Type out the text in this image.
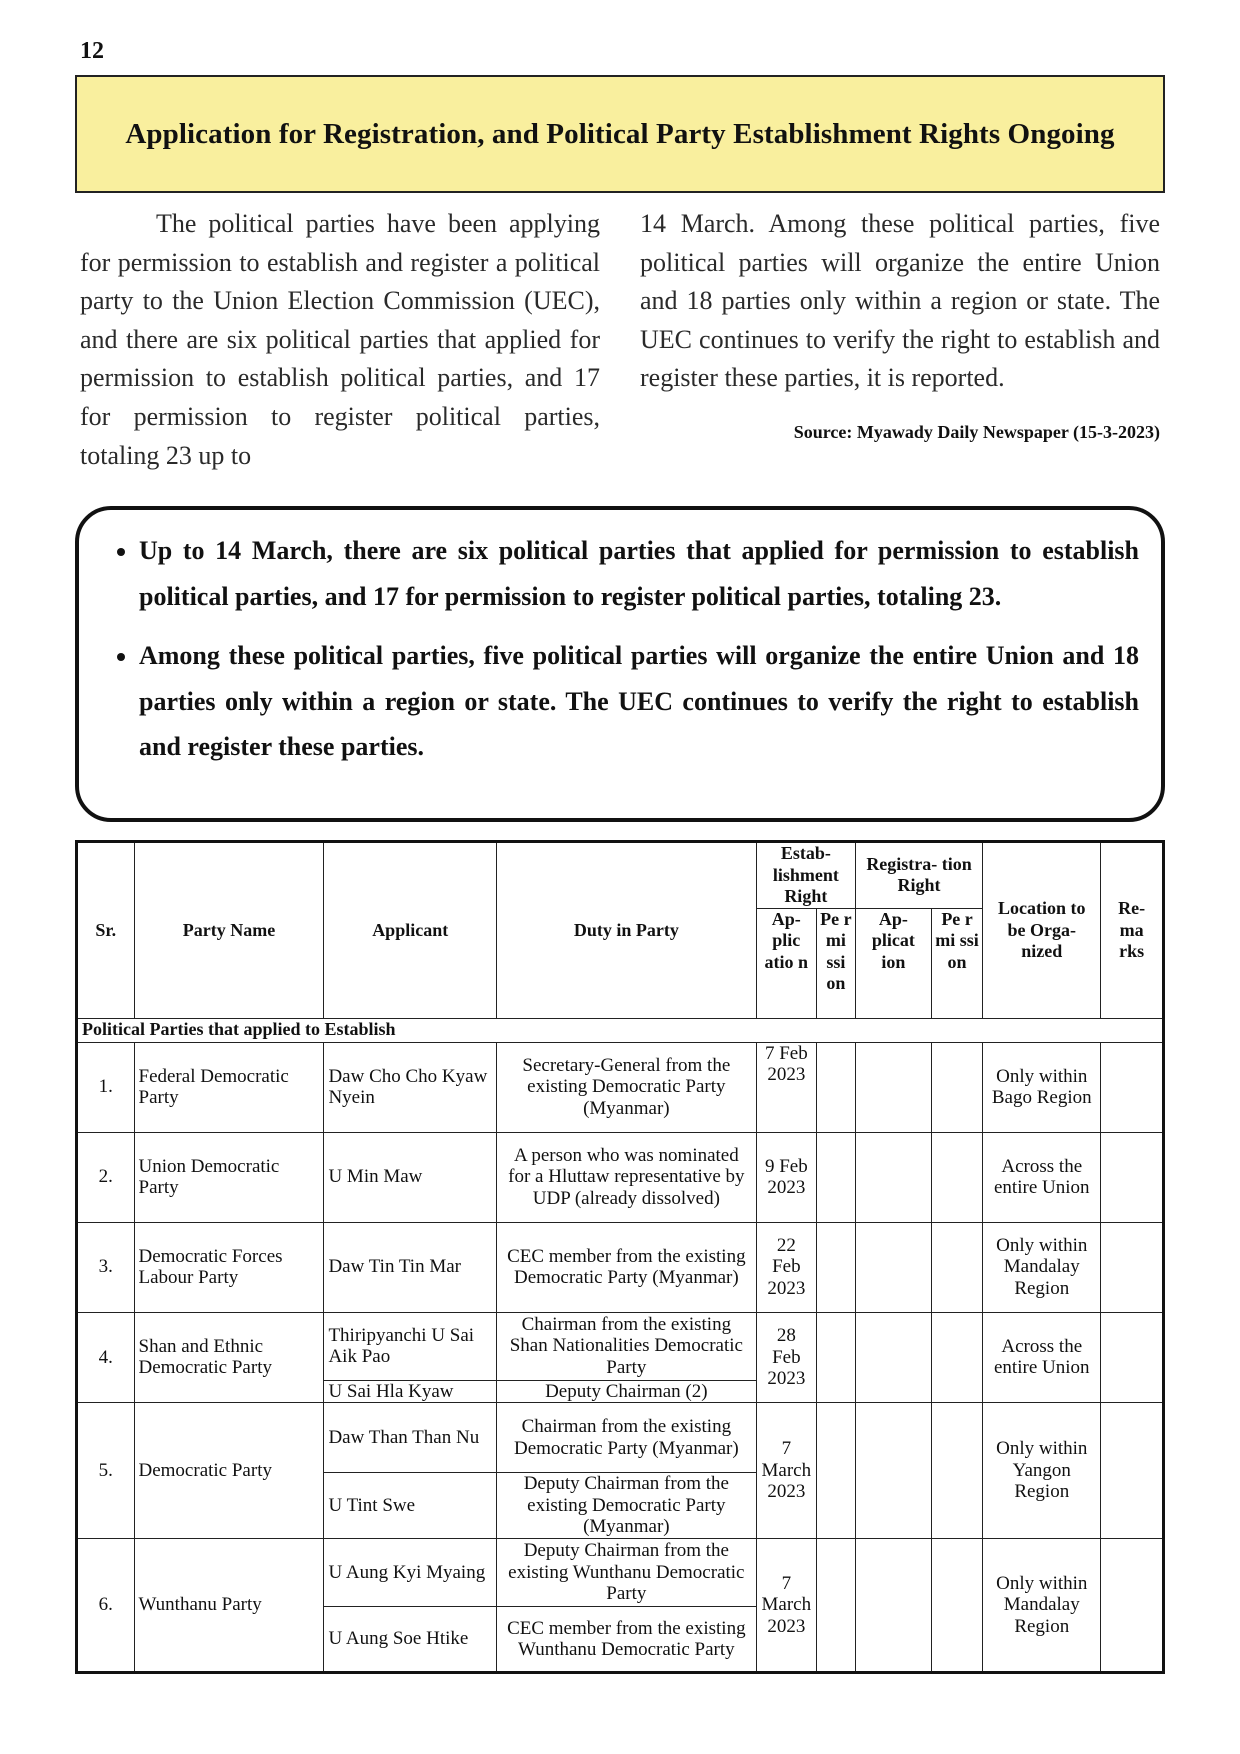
12
Application for Registration, and Political Party Establishment Rights Ongoing

The political parties have been applying for permission to establish and register a political party to the Union Election Commission (UEC), and there are six political parties that applied for permission to establish political parties, and 17 for permission to register political parties, totaling 23 up to

14 March. Among these political parties, five political parties will organize the entire Union and 18 parties only within a region or state. The UEC continues to verify the right to establish and register these parties, it is reported.

Source: Myawady Daily Newspaper (15-3-2023)
• Up to 14 March, there are six political parties that applied for permission to establish political parties, and 17 for permission to register political parties, totaling 23.
• Among these political parties, five political parties will organize the entire Union and 18 parties only within a region or state. The UEC continues to verify the right to establish and register these parties.
Sr.	Party Name	Applicant	Duty in Party	Estab- lishment Right		Registra- tion Right		Location to be Orga- nized	Re- ma rks
				Ap- plic atio n	Pe r mi ssi on	Ap- plicat ion	Pe r mi ssi on		
Political Parties that applied to Establish									
1.	Federal Democratic Party	Daw Cho Cho Kyaw Nyein	Secretary-General from the existing Democratic Party (Myanmar)	7 Feb 2023				Only within Bago Region	
2.	Union Democratic Party	U Min Maw	A person who was nominated for a Hluttaw representative by UDP (already dissolved)	9 Feb 2023				Across the entire Union	
3.	Democratic Forces Labour Party	Daw Tin Tin Mar	CEC member from the existing Democratic Party (Myanmar)	22 Feb 2023				Only within Mandalay Region	
4.	Shan and Ethnic Democratic Party	Thiripyanchi U Sai Aik Pao	Chairman from the existing Shan Nationalities Democratic Party	28 Feb 2023				Across the entire Union	
		U Sai Hla Kyaw	Deputy Chairman (2)						
5.	Democratic Party	Daw Than Than Nu	Chairman from the existing Democratic Party (Myanmar)	7 March 2023				Only within Yangon Region	
		U Tint Swe	Deputy Chairman from the existing Democratic Party (Myanmar)						
6.	Wunthanu Party	U Aung Kyi Myaing	Deputy Chairman from the existing Wunthanu Democratic Party	7 March 2023				Only within Mandalay Region	
		U Aung Soe Htike	CEC member from the existing Wunthanu Democratic Party						
